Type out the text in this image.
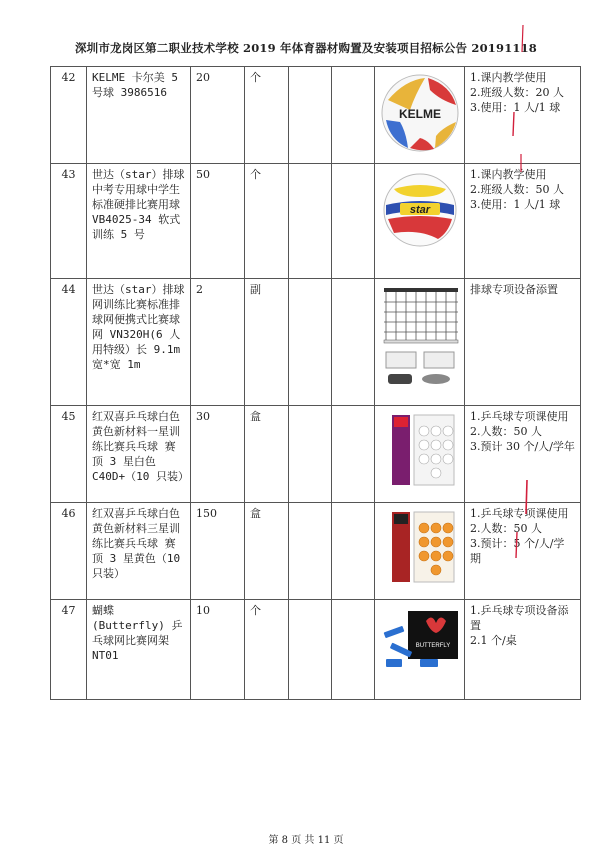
深圳市龙岗区第二职业技术学校 2019 年体育器材购置及安装项目招标公告 20191118
42	KELME 卡尔美 5 号球 3986516	20	个			KELME	1.课内教学使用
2.班级人数：20 人
3.使用：1 人/1 球

43	世达（star）排球中考专用球中学生标准硬排比赛用球 VB4025-34 软式训练 5 号	50	个			star	1.课内教学使用
2.班级人数：50 人
3.使用：1 人/1 球

44	世达（star）排球网训练比赛标准排球网便携式比赛球网 VN320H(6 人用特级）长 9.1m 宽*宽 1m	2	副				排球专项设备添置

45	红双喜乒乓球白色黄色新材料一星训练比赛兵乓球 赛顶 3 星白色 C40D+（10 只装）	30	盒				1.乒乓球专项课使用
2.人数：50 人
3.预计 30 个/人/学年

46	红双喜乒乓球白色黄色新材料三星训练比赛兵乓球 赛顶 3 星黄色（10 只装）	150	盒				1.乒乓球专项课使用
2.人数：50 人
3.预计：5 个/人/学期

47	蝴蝶 (Butterfly) 乒乓球网比赛网架 NT01	10	个			BUTTERFLY	1.乒乓球专项设备添置
2.1 个/桌
第 8 页 共 11 页
